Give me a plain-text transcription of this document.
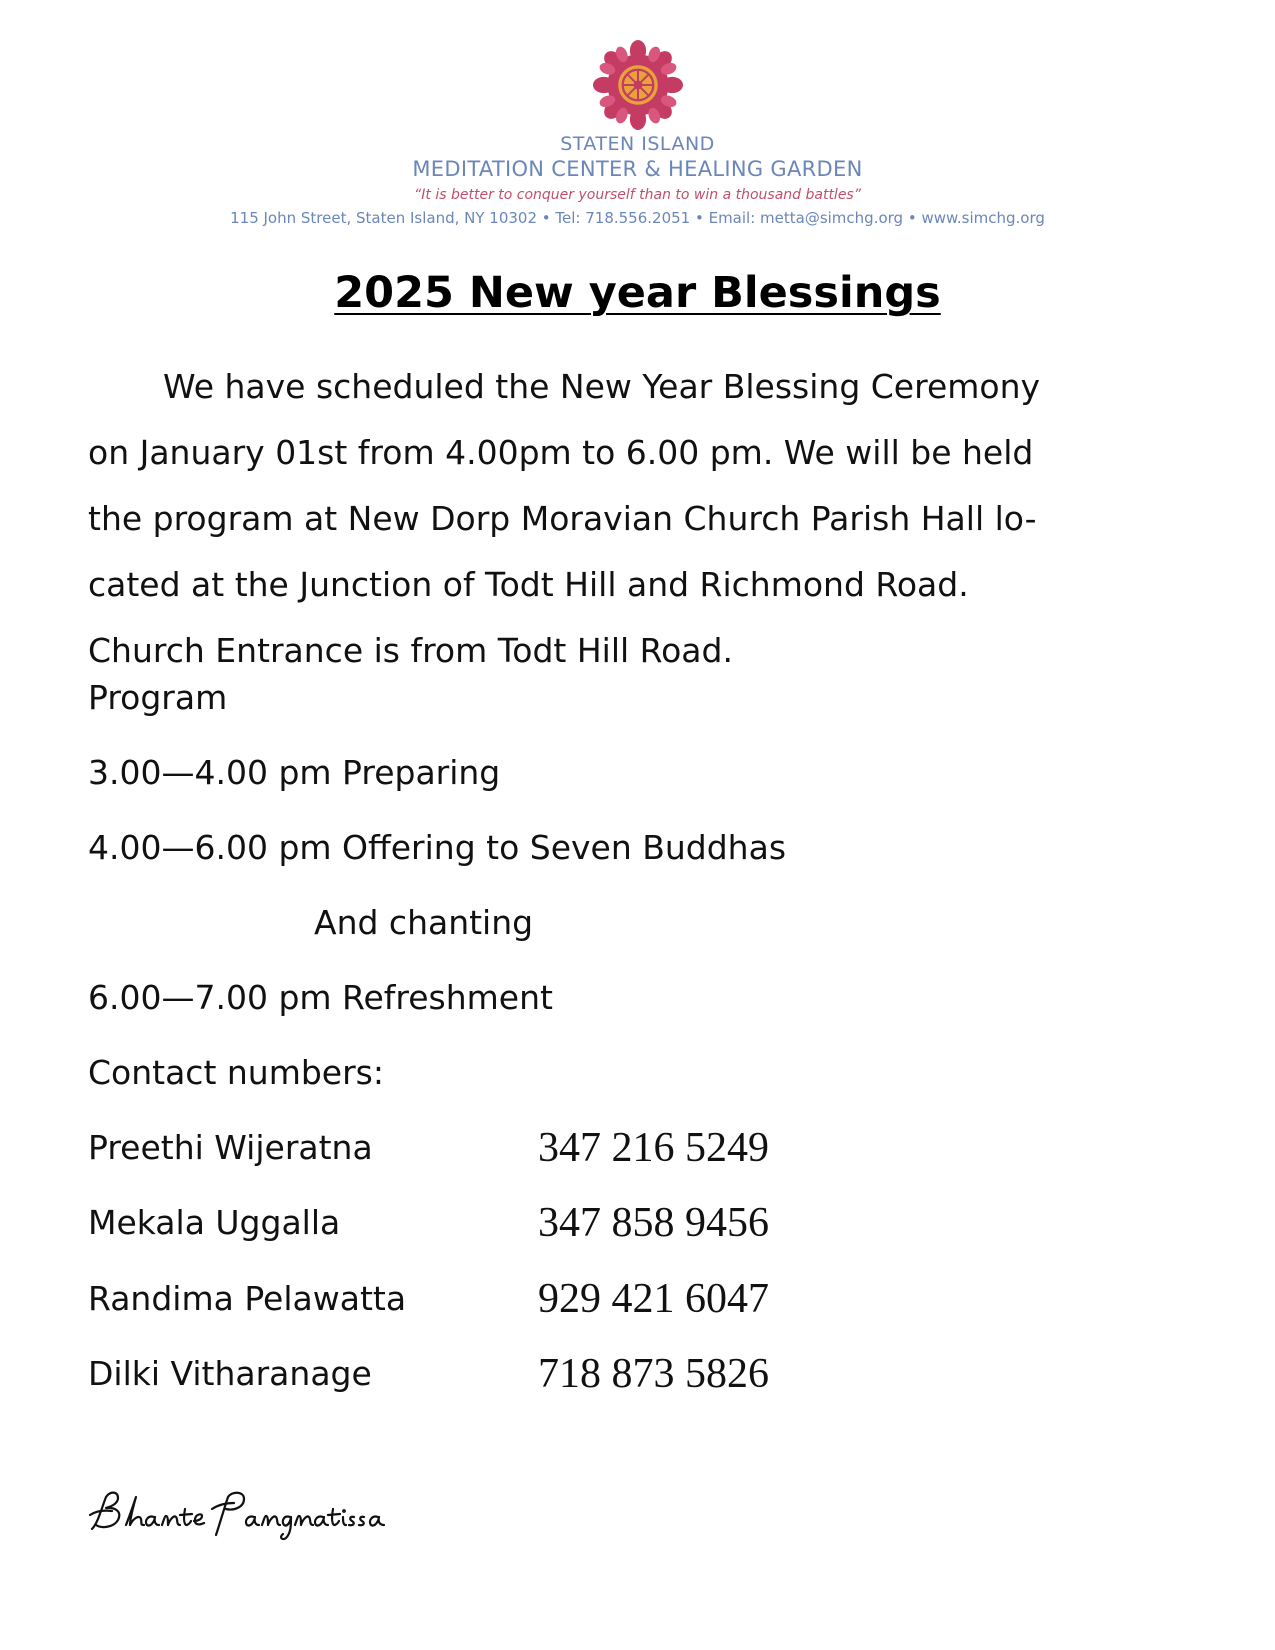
STATEN ISLAND
MEDITATION CENTER & HEALING GARDEN
“It is better to conquer yourself than to win a thousand battles”
115 John Street, Staten Island, NY 10302 • Tel: 718.556.2051 • Email: metta@simchg.org • www.simchg.org
2025 New year Blessings
We have scheduled the New Year Blessing Ceremony
on January 01st from 4.00pm to 6.00 pm. We will be held
the program at New Dorp Moravian Church Parish Hall lo-
cated at the Junction of Todt Hill and Richmond Road.
Church Entrance is from Todt Hill Road.
Program
3.00—4.00 pm Preparing
4.00—6.00 pm Offering to Seven Buddhas
And chanting
6.00—7.00 pm Refreshment
Contact numbers:
Preethi Wijeratna	347 216 5249
Mekala Uggalla	347 858 9456
Randima Pelawatta	929 421 6047
Dilki Vitharanage	718 873 5826
